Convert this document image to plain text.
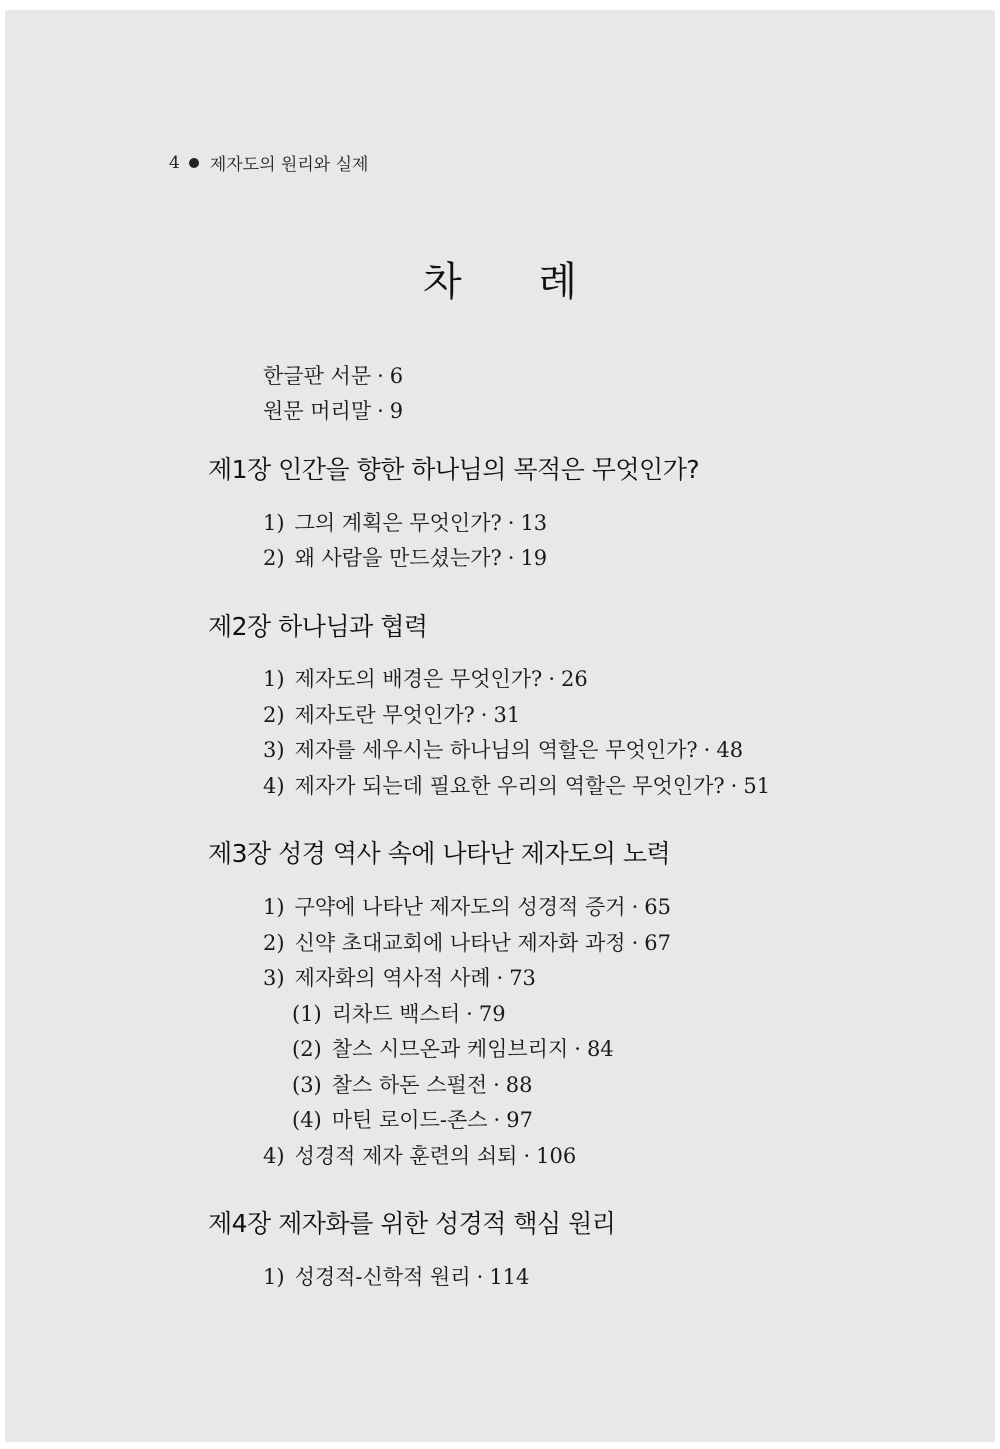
4 제자도의 원리와 실제
차 례
한글판 서문 · 6
원문 머리말 · 9
제1장 인간을 향한 하나님의 목적은 무엇인가?
1) 그의 계획은 무엇인가? · 13
2) 왜 사람을 만드셨는가? · 19
제2장 하나님과 협력
1) 제자도의 배경은 무엇인가? · 26
2) 제자도란 무엇인가? · 31
3) 제자를 세우시는 하나님의 역할은 무엇인가? · 48
4) 제자가 되는데 필요한 우리의 역할은 무엇인가? · 51
제3장 성경 역사 속에 나타난 제자도의 노력
1) 구약에 나타난 제자도의 성경적 증거 · 65
2) 신약 초대교회에 나타난 제자화 과정 · 67
3) 제자화의 역사적 사례 · 73
(1) 리차드 백스터 · 79
(2) 찰스 시므온과 케임브리지 · 84
(3) 찰스 하돈 스펄전 · 88
(4) 마틴 로이드-존스 · 97
4) 성경적 제자 훈련의 쇠퇴 · 106
제4장 제자화를 위한 성경적 핵심 원리
1) 성경적-신학적 원리 · 114
